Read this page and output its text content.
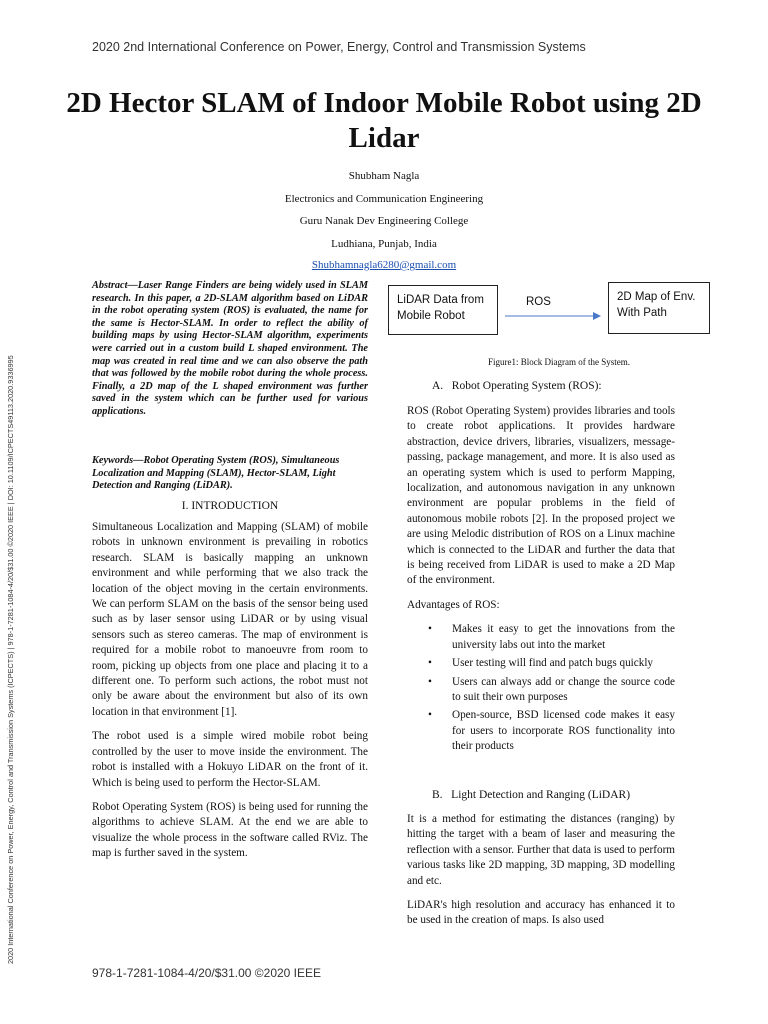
2020 2nd International Conference on Power, Energy, Control and Transmission Systems
2020 International Conference on Power, Energy, Control and Transmission Systems (ICPECTS) | 978-1-7281-1084-4/20/$31.00 ©2020 IEEE | DOI: 10.1109/ICPECTS49113.2020.9336995
2D Hector SLAM of Indoor Mobile Robot using 2D Lidar
Shubham Nagla
Electronics and Communication Engineering
Guru Nanak Dev Engineering College
Ludhiana, Punjab, India
Shubhamnagla6280@gmail.com
Abstract—Laser Range Finders are being widely used in SLAM research. In this paper, a 2D-SLAM algorithm based on LiDAR in the robot operating system (ROS) is evaluated, the name for the same is Hector-SLAM. In order to reflect the ability of building maps by using Hector-SLAM algorithm, experiments were carried out in a custom build L shaped environment. The map was created in real time and we can also observe the path that was followed by the mobile robot during the whole process. Finally, a 2D map of the L shaped environment was further saved in the system which can be further used for various applications.
Keywords—Robot Operating System (ROS), Simultaneous Localization and Mapping (SLAM), Hector-SLAM, Light Detection and Ranging (LiDAR).
I. INTRODUCTION

Simultaneous Localization and Mapping (SLAM) of mobile robots in unknown environment is prevailing in robotics research. SLAM is basically mapping an unknown environment and while performing that we also track the location of the object moving in the certain environments. We can perform SLAM on the basis of the sensor being used such as by laser sensor using LiDAR or by using visual sensors such as stereo cameras. The map of environment is required for a mobile robot to manoeuvre from room to room, picking up objects from one place and placing it to a different one. To perform such actions, the robot must not only be aware about the environment but also of its own location in that environment [1].

The robot used is a simple wired mobile robot being controlled by the user to move inside the environment. The robot is installed with a Hokuyo LiDAR on the front of it. Which is being used to perform the Hector-SLAM.

Robot Operating System (ROS) is being used for running the algorithms to achieve SLAM. At the end we are able to visualize the whole process in the software called RViz. The map is further saved in the system.

LiDAR Data from Mobile Robot
ROS	2D Map of Env. With Path
Figure1: Block Diagram of the System.
A.   Robot Operating System (ROS):

ROS (Robot Operating System) provides libraries and tools to create robot applications. It provides hardware abstraction, device drivers, libraries, visualizers, message-passing, package management, and more. It is also used as an operating system which is used to perform Mapping, localization, and autonomous navigation in any unknown environment are popular problems in the field of autonomous mobile robots [2]. In the proposed project we are using Melodic distribution of ROS on a Linux machine which is connected to the LiDAR and further the data that is being received from LiDAR is used to make a 2D Map of the environment.

Advantages of ROS:

• Makes it easy to get the innovations from the university labs out into the market
• User testing will find and patch bugs quickly
• Users can always add or change the source code to suit their own purposes
• Open-source, BSD licensed code makes it easy for users to incorporate ROS functionality into their products
B.   Light Detection and Ranging (LiDAR)

It is a method for estimating the distances (ranging) by hitting the target with a beam of laser and measuring the reflection with a sensor. Further that data is used to perform various tasks like 2D mapping, 3D mapping, 3D modelling and etc.

LiDAR's high resolution and accuracy has enhanced it to be used in the creation of maps. Is also used

978-1-7281-1084-4/20/$31.00 ©2020 IEEE
